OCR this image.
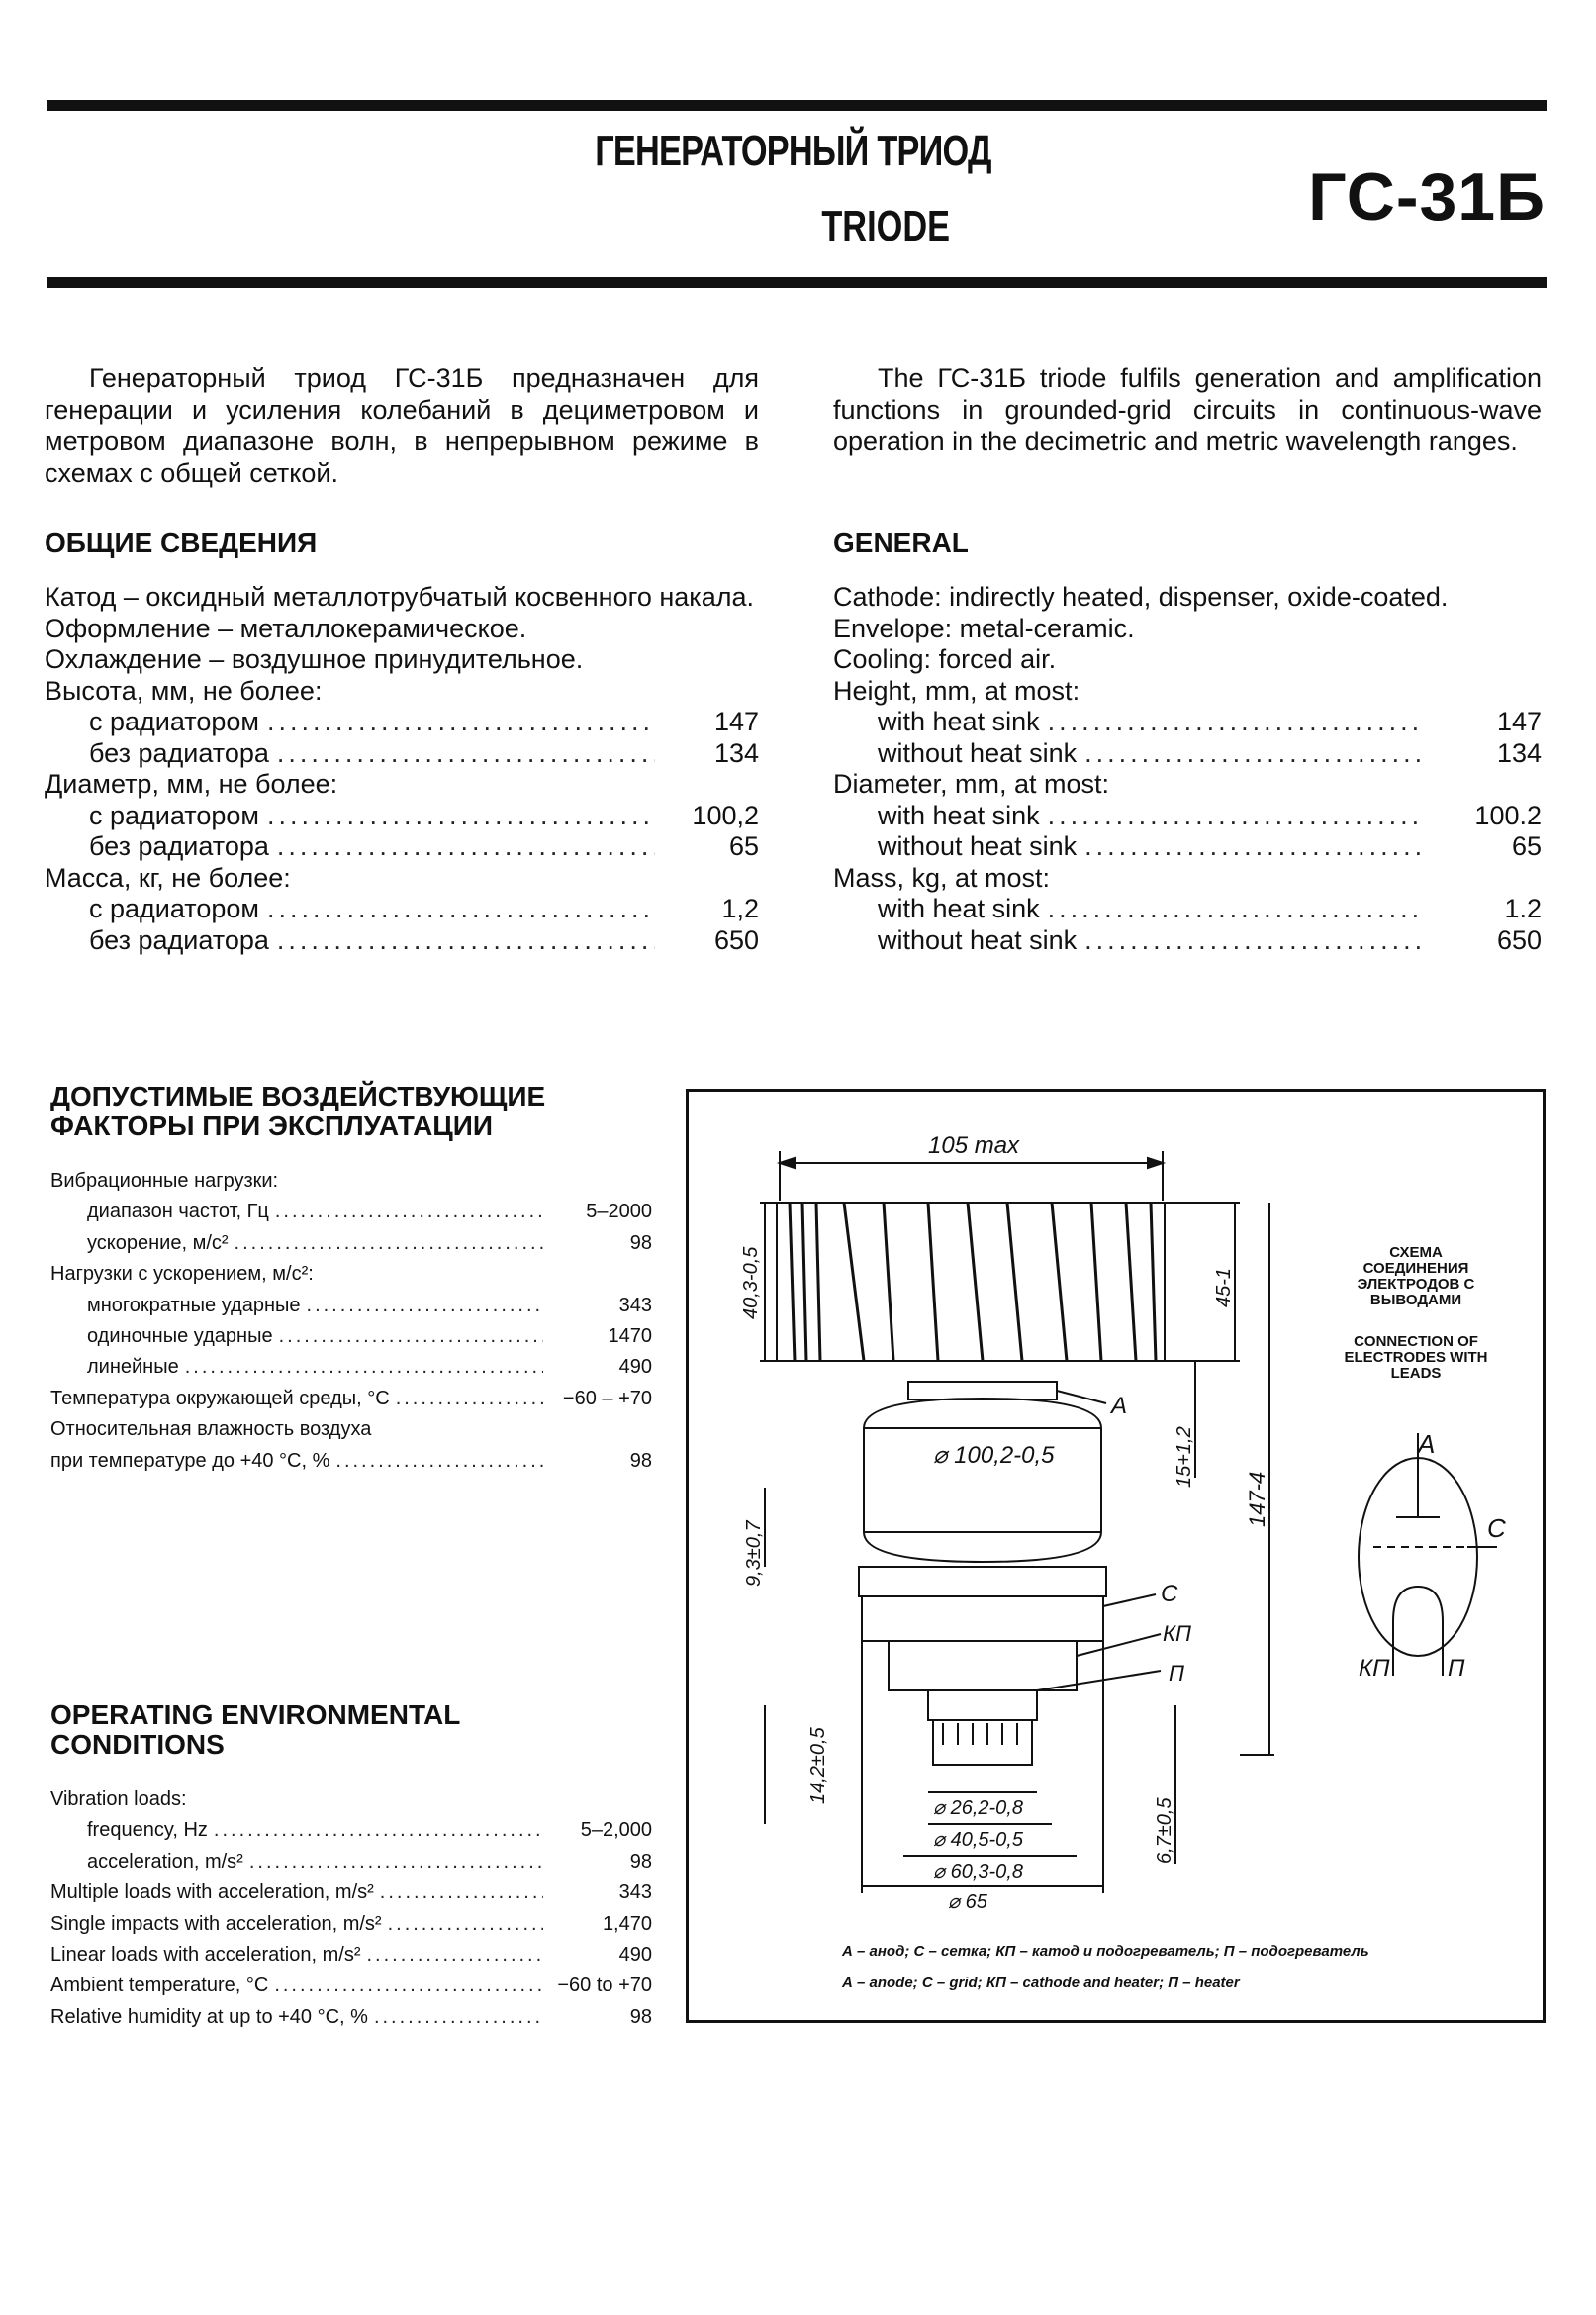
ГЕНЕРАТОРНЫЙ ТРИОД
TRIODE	ГС-31Б
Генераторный триод ГС-31Б предназначен для генерации и усиления колебаний в дециметровом и метровом диапазоне волн, в непрерывном режиме в схемах с общей сеткой.
The ГС-31Б triode fulfils generation and amplification functions in grounded-grid circuits in continuous-wave operation in the decimetric and metric wavelength ranges.
ОБЩИЕ СВЕДЕНИЯ
Катод – оксидный металлотрубчатый косвенного накала.
Оформление – металлокерамическое.
Охлаждение – воздушное принудительное.
Высота, мм, не более:
с радиатором .....	147
без радиатора .....	134
Диаметр, мм, не более:
с радиатором .....	100,2
без радиатора .....	65
Масса, кг, не более:
с радиатором .....	1,2
без радиатора .....	650
GENERAL
Cathode: indirectly heated, dispenser, oxide-coated.
Envelope: metal-ceramic.
Cooling: forced air.
Height, mm, at most:
with heat sink .....	147
without heat sink .....	134
Diameter, mm, at most:
with heat sink .....	100.2
without heat sink .....	65
Mass, kg, at most:
with heat sink .....	1.2
without heat sink .....	650
ДОПУСТИМЫЕ ВОЗДЕЙСТВУЮЩИЕ
ФАКТОРЫ ПРИ ЭКСПЛУАТАЦИИ
Вибрационные нагрузки:
диапазон частот, Гц .....	5–2000
ускорение, м/с² .....	98
Нагрузки с ускорением, м/с²:
многократные ударные .....	343
одиночные ударные .....	1470
линейные .....	490
Температура окружающей среды, °С .....	−60 – +70
Относительная влажность воздуха
при температуре до +40 °С, % .....	98
OPERATING ENVIRONMENTAL
CONDITIONS
Vibration loads:
frequency, Hz .....	5–2,000
acceleration, m/s² .....	98
Multiple loads with acceleration, m/s² .....	343
Single impacts with acceleration, m/s² .....	1,470
Linear loads with acceleration, m/s² .....	490
Ambient temperature, °C .....	−60 to +70
Relative humidity at up to +40 °C, % .....	98
105 max
⌀ 100,2-0,5
⌀ 26,2-0,8
⌀ 40,5-0,5
⌀ 60,3-0,8
⌀ 65
А
С
КП
П
А
С
КП П
40,3-0,5	45-1
15+1,2
147-4
9,3±0,7
14,2±0,5
6,7±0,5
СХЕМА СОЕДИНЕНИЯ ЭЛЕКТРОДОВ С ВЫВОДАМИ
CONNECTION OF ELECTRODES WITH LEADS
А – анод; С – сетка; КП – катод и подогреватель; П – подогреватель
А – anode; С – grid; КП – cathode and heater; П – heater
